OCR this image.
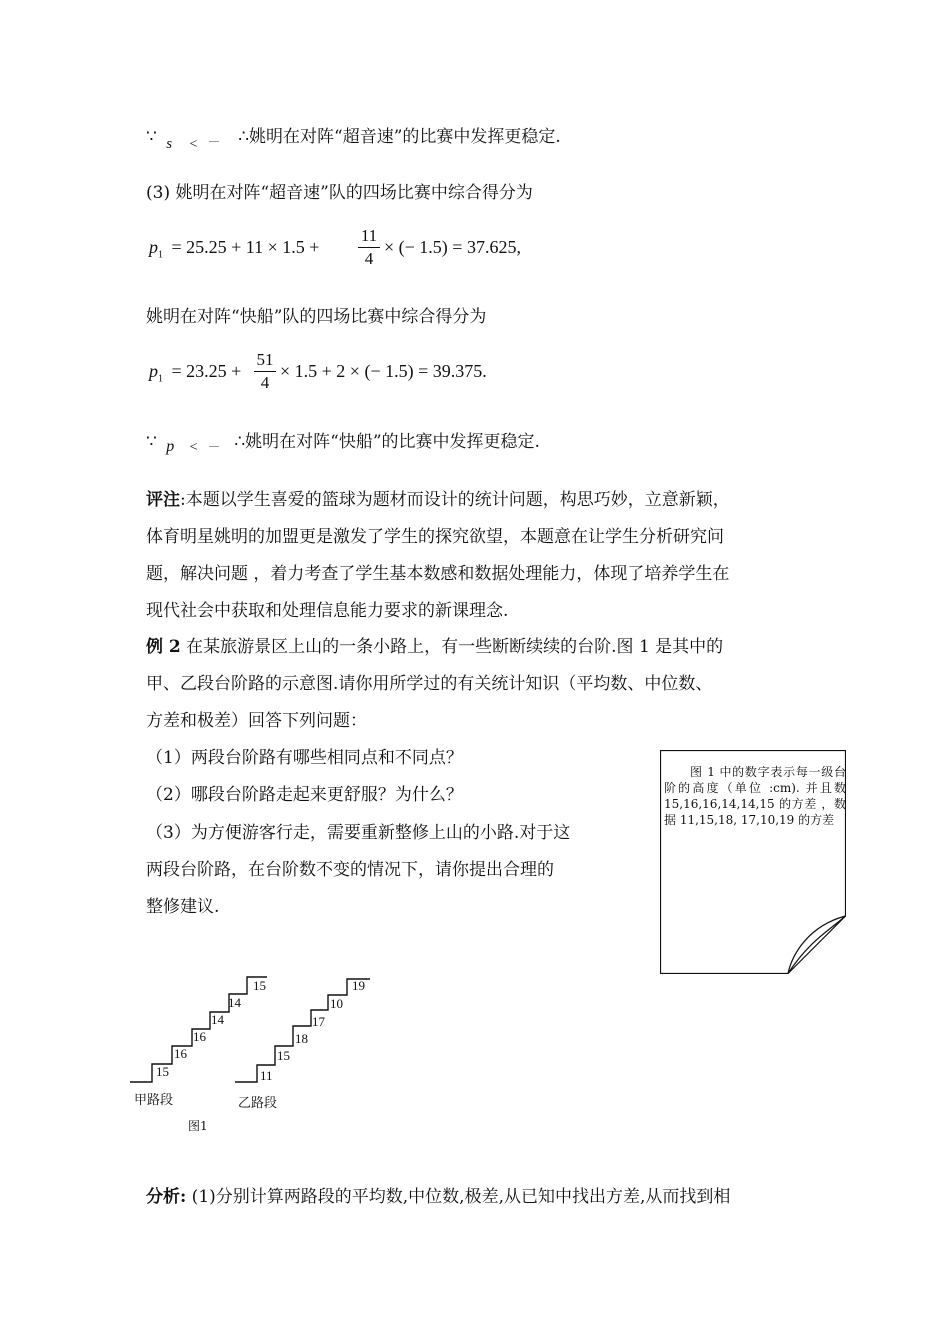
∵ s $_<$ ∴姚明在对阵“超音速”的比赛中发挥更稳定.
(3) 姚明在对阵“超音速”队的四场比赛中综合得分为
$p_1 = 25.25 + 11 \times 1.5$ +
11
4
× (− 1.5) = 37.625,
姚明在对阵“快船”队的四场比赛中综合得分为
$p_1 = 23.25$ +
51
4
× 1.5 + 2 × (− 1.5) = 39.375.
∵ p $_<$ ∴姚明在对阵“快船”的比赛中发挥更稳定.
评注:本题以学生喜爱的篮球为题材而设计的统计问题，构思巧妙，立意新颖，
体育明星姚明的加盟更是激发了学生的探究欲望，本题意在让学生分析研究问
题，解决问题 ，着力考查了学生基本数感和数据处理能力，体现了培养学生在
现代社会中获取和处理信息能力要求的新课理念.
例 2 在某旅游景区上山的一条小路上，有一些断断续续的台阶.图 1 是其中的
甲、乙段台阶路的示意图.请你用所学过的有关统计知识（平均数、中位数、
方差和极差）回答下列问题：
（1）两段台阶路有哪些相同点和不同点？
（2）哪段台阶路走起来更舒服？为什么？
（3）为方便游客行走，需要重新整修上山的小路.对于这
两段台阶路，在台阶数不变的情况下，请你提出合理的
整修建议.
图 1 中的数字表示每一级台阶的高度（单位 :cm). 并且数 15,16,16,14,14,15 的方差 ，数据 11,15,18, 17,10,19 的方差
15
16
16
14
14
15
11
15
18
17
10
19
甲路段	乙路段
图1
分析: (1)分别计算两路段的平均数,中位数,极差,从已知中找出方差,从而找到相
